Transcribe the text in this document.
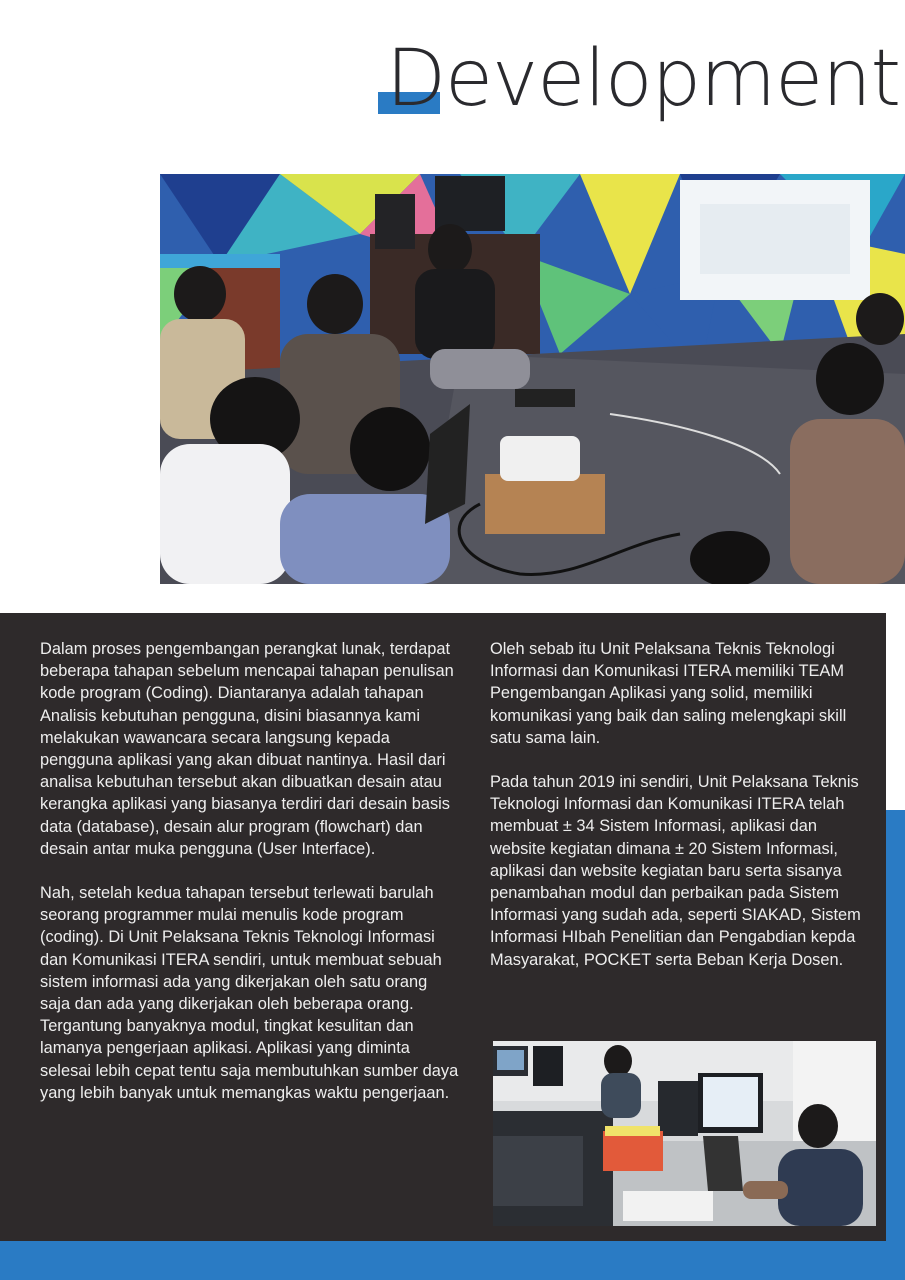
Development

Dalam proses pengembangan perangkat lunak, terdapat beberapa tahapan sebelum mencapai tahapan penulisan kode program (Coding). Diantaranya adalah tahapan Analisis kebutuhan pengguna, disini biasannya kami melakukan wawancara secara langsung kepada pengguna aplikasi yang akan dibuat nantinya. Hasil dari analisa kebutuhan tersebut akan dibuatkan desain atau kerangka aplikasi yang biasanya terdiri dari desain basis data (database), desain alur program (flowchart) dan desain antar muka pengguna (User Interface).

Nah, setelah kedua tahapan tersebut terlewati barulah seorang programmer mulai menulis kode program (coding). Di Unit Pelaksana Teknis Teknologi Informasi dan Komunikasi ITERA sendiri, untuk membuat sebuah sistem informasi ada yang dikerjakan oleh satu orang saja dan ada yang dikerjakan oleh beberapa orang. Tergantung banyaknya modul, tingkat kesulitan dan lamanya pengerjaan aplikasi. Aplikasi yang diminta selesai lebih cepat tentu saja membutuhkan sumber daya yang lebih banyak untuk memangkas waktu pengerjaan.

Oleh sebab itu Unit Pelaksana Teknis Teknologi Informasi dan Komunikasi ITERA memiliki TEAM Pengembangan Aplikasi yang solid, memiliki komunikasi yang baik dan saling melengkapi skill satu sama lain.

Pada tahun 2019 ini sendiri, Unit Pelaksana Teknis Teknologi Informasi dan Komunikasi ITERA telah membuat ± 34 Sistem Informasi, aplikasi dan website kegiatan dimana ± 20 Sistem Informasi, aplikasi dan website kegiatan baru serta sisanya penambahan modul dan perbaikan pada Sistem Informasi yang sudah ada, seperti SIAKAD, Sistem Informasi HIbah Penelitian dan Pengabdian kepda Masyarakat, POCKET serta Beban Kerja Dosen.
